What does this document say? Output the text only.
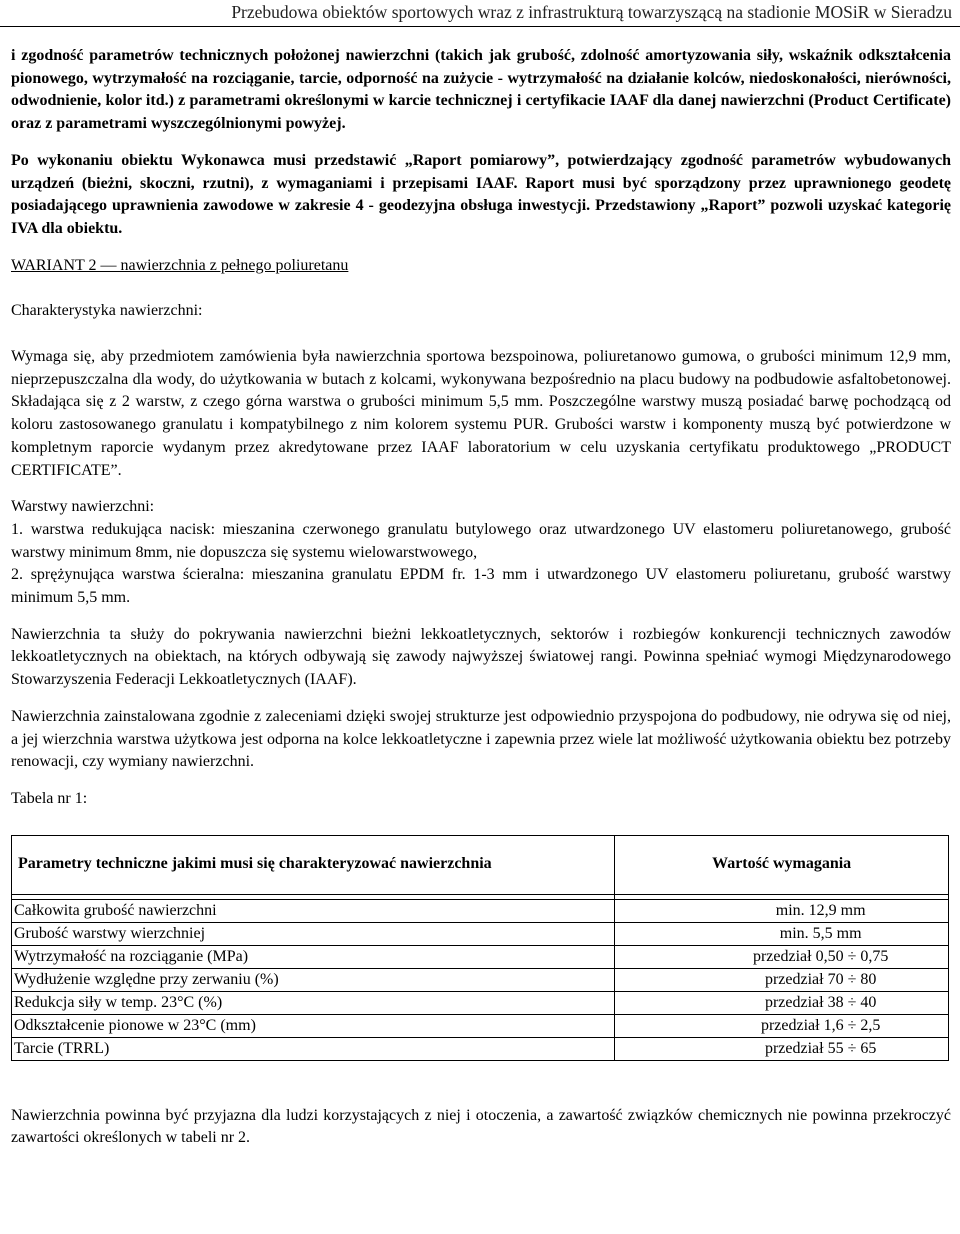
Przebudowa obiektów sportowych wraz z infrastrukturą towarzyszącą na stadionie MOSiR w Sieradzu

i zgodność parametrów technicznych położonej nawierzchni (takich jak grubość, zdolność amortyzowania siły, wskaźnik odkształcenia pionowego, wytrzymałość na rozciąganie, tarcie, odporność na zużycie - wytrzymałość na działanie kolców, niedoskonałości, nierówności, odwodnienie, kolor itd.) z parametrami określonymi w karcie technicznej i certyfikacie IAAF dla danej nawierzchni (Product Certificate) oraz z parametrami wyszczególnionymi powyżej.

Po wykonaniu obiektu Wykonawca musi przedstawić „Raport pomiarowy”, potwierdzający zgodność parametrów wybudowanych urządzeń (bieżni, skoczni, rzutni), z wymaganiami i przepisami IAAF. Raport musi być sporządzony przez uprawnionego geodetę posiadającego uprawnienia zawodowe w zakresie 4 - geodezyjna obsługa inwestycji. Przedstawiony „Raport” pozwoli uzyskać kategorię IVA dla obiektu.

WARIANT 2 — nawierzchnia z pełnego poliuretanu

Charakterystyka nawierzchni:

Wymaga się, aby przedmiotem zamówienia była nawierzchnia sportowa bezspoinowa, poliuretanowo gumowa, o grubości minimum 12,9 mm, nieprzepuszczalna dla wody, do użytkowania w butach z kolcami, wykonywana bezpośrednio na placu budowy na podbudowie asfaltobetonowej. Składająca się z 2 warstw, z czego górna warstwa o grubości minimum 5,5 mm. Poszczególne warstwy muszą posiadać barwę pochodzącą od koloru zastosowanego granulatu i kompatybilnego z nim kolorem systemu PUR. Grubości warstw i komponenty muszą być potwierdzone w kompletnym raporcie wydanym przez akredytowane przez IAAF laboratorium w celu uzyskania certyfikatu produktowego „PRODUCT CERTIFICATE”.

Warstwy nawierzchni:

1. warstwa redukująca nacisk: mieszanina czerwonego granulatu butylowego oraz utwardzonego UV elastomeru poliuretanowego, grubość warstwy minimum 8mm, nie dopuszcza się systemu wielowarstwowego,

2. sprężynująca warstwa ścieralna: mieszanina granulatu EPDM fr. 1-3 mm i utwardzonego UV elastomeru poliuretanu, grubość warstwy minimum 5,5 mm.

Nawierzchnia ta służy do pokrywania nawierzchni bieżni lekkoatletycznych, sektorów i rozbiegów konkurencji technicznych zawodów lekkoatletycznych na obiektach, na których odbywają się zawody najwyższej światowej rangi. Powinna spełniać wymogi Międzynarodowego Stowarzyszenia Federacji Lekkoatletycznych (IAAF).

Nawierzchnia zainstalowana zgodnie z zaleceniami dzięki swojej strukturze jest odpowiednio przyspojona do podbudowy, nie odrywa się od niej, a jej wierzchnia warstwa użytkowa jest odporna na kolce lekkoatletyczne i zapewnia przez wiele lat możliwość użytkowania obiektu bez potrzeby renowacji, czy wymiany nawierzchni.

Tabela nr 1:

Parametry techniczne jakimi musi się charakteryzować nawierzchnia	Wartość wymagania

Całkowita grubość nawierzchni	min. 12,9 mm
Grubość warstwy wierzchniej	min. 5,5 mm
Wytrzymałość na rozciąganie (MPa)	przedział 0,50 ÷ 0,75
Wydłużenie względne przy zerwaniu (%)	przedział 70 ÷ 80
Redukcja siły w temp. 23°C (%)	przedział 38 ÷ 40
Odkształcenie pionowe w 23°C (mm)	przedział 1,6 ÷ 2,5
Tarcie (TRRL)	przedział 55 ÷ 65

Nawierzchnia powinna być przyjazna dla ludzi korzystających z niej i otoczenia, a zawartość związków chemicznych nie powinna przekroczyć zawartości określonych w tabeli nr 2.
